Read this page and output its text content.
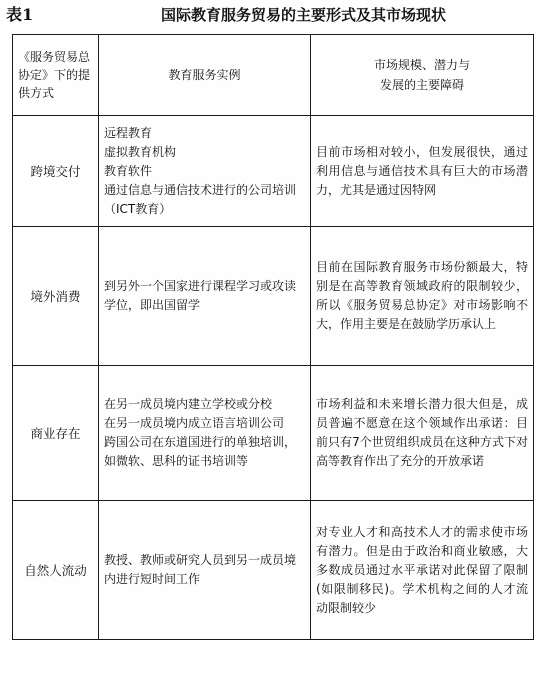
表1	国际教育服务贸易的主要形式及其市场现状
《服务贸易总协定》下的提供方式	教育服务实例	市场规模、潜力与
发展的主要障碍
跨境交付	远程教育
虚拟教育机构
教育软件
通过信息与通信技术进行的公司培训（ICT教育）	目前市场相对较小，但发展很快，通过利用信息与通信技术具有巨大的市场潜力，尤其是通过因特网
境外消费	到另外一个国家进行课程学习或攻读学位，即出国留学	目前在国际教育服务市场份额最大，特别是在高等教育领域政府的限制较少，所以《服务贸易总协定》对市场影响不大，作用主要是在鼓励学历承认上
商业存在	在另一成员境内建立学校或分校
在另一成员境内成立语言培训公司
跨国公司在东道国进行的单独培训，如微软、思科的证书培训等	市场利益和未来增长潜力很大但是，成员普遍不愿意在这个领域作出承诺：目前只有7个世贸组织成员在这种方式下对高等教育作出了充分的开放承诺
自然人流动	教授、教师或研究人员到另一成员境内进行短时间工作	对专业人才和高技术人才的需求使市场有潜力。但是由于政治和商业敏感，大多数成员通过水平承诺对此保留了限制(如限制移民)。学术机构之间的人才流动限制较少
